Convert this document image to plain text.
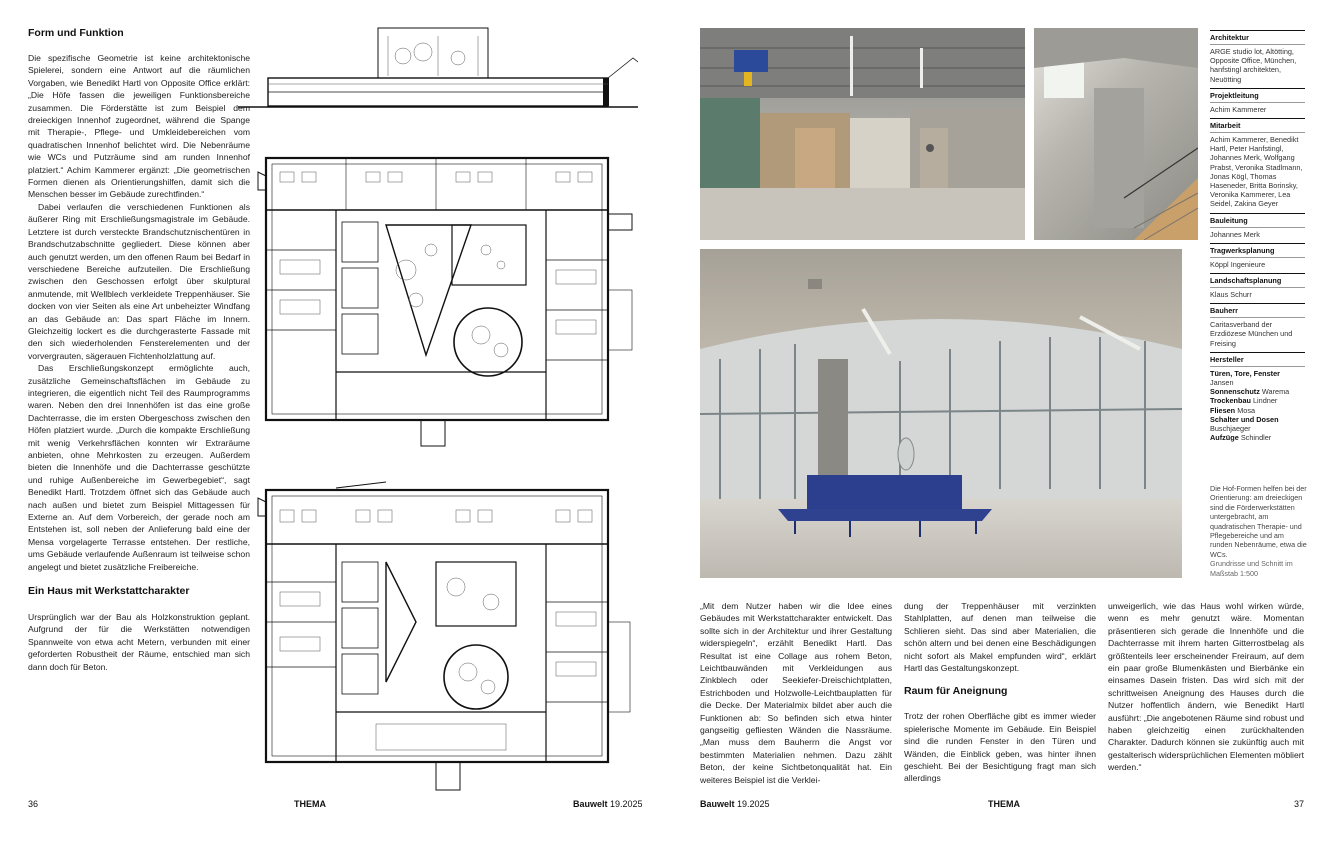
Form und Funktion

Die spezifische Geometrie ist keine architektonische Spielerei, sondern eine Antwort auf die räumlichen Vorgaben, wie Benedikt Hartl von Opposite Office erklärt: „Die Höfe fassen die jeweiligen Funktionsbereiche zusammen. Die Förderstätte ist zum Beispiel dem dreieckigen Innenhof zugeordnet, während die Spange mit Therapie-, Pflege- und Umkleidebereichen vom quadratischen Innenhof belichtet wird. Die Nebenräume wie WCs und Putzräume sind am runden Innenhof platziert.“ Achim Kammerer ergänzt: „Die geometrischen Formen dienen als Orientierungshilfen, damit sich die Menschen besser im Gebäude zurechtfinden.“

Dabei verlaufen die verschiedenen Funktionen als äußerer Ring mit Erschließungsmagistrale im Gebäude. Letztere ist durch versteckte Brandschutznischentüren in Brandschutzabschnitte gegliedert. Diese können aber auch genutzt werden, um den offenen Raum bei Bedarf in verschiedene Bereiche aufzuteilen. Die Erschließung zwischen den Geschossen erfolgt über skulptural anmutende, mit Wellblech verkleidete Treppenhäuser. Sie docken von vier Seiten als eine Art unbeheizter Windfang an das Gebäude an: Das spart Fläche im Innern. Gleichzeitig lockert es die durchgerasterte Fassade mit den sich wiederholenden Fensterelementen und der vorvergrauten, sägerauen Fichtenholzlattung auf.

Das Erschließungskonzept ermöglichte auch, zusätzliche Gemeinschaftsflächen im Gebäude zu integrieren, die eigentlich nicht Teil des Raumprogramms waren. Neben den drei Innenhöfen ist das eine große Dachterrasse, die im ersten Obergeschoss zwischen den Höfen platziert wurde. „Durch die kompakte Erschließung mit wenig Verkehrsflächen konnten wir Extraräume anbieten, ohne Mehrkosten zu erzeugen. Außerdem bieten die Innenhöfe und die Dachterrasse geschützte und ruhige Außenbereiche im Gewerbegebiet“, sagt Benedikt Hartl. Trotzdem öffnet sich das Gebäude auch nach außen und bietet zum Beispiel Mittagessen für Externe an. Auf dem Vorbereich, der gerade noch am Entstehen ist, soll neben der Anlieferung bald eine der Mensa vorgelagerte Terrasse entstehen. Der restliche, ums Gebäude verlaufende Außenraum ist teilweise schon angelegt und bietet zusätzliche Freibereiche.

Ein Haus mit Werkstattcharakter

Ursprünglich war der Bau als Holzkonstruktion geplant. Aufgrund der für die Werkstätten notwendigen Spannweite von etwa acht Metern, verbunden mit einer geforderten Robustheit der Räume, entschied man sich dann doch für Beton.

36	THEMA	Bauwelt 19.2025
Architektur
ARGE studio lot, Altötting, Opposite Office, München, hanfstingl architekten, Neuötting
Projektleitung
Achim Kammerer
Mitarbeit
Achim Kammerer, Benedikt Hartl, Peter Hanfstingl, Johannes Merk, Wolfgang Prabst, Veronika Stadlmann, Jonas Kögl, Thomas Haseneder, Britta Borinsky, Veronika Kammerer, Lea Seidel, Zakina Geyer
Bauleitung
Johannes Merk
Tragwerksplanung
Köppl Ingenieure
Landschaftsplanung
Klaus Schurr
Bauherr
Caritasverband der Erzdiözese München und Freising
Hersteller
Türen, Tore, Fenster Jansen
Sonnenschutz Warema
Trockenbau Lindner
Fliesen Mosa
Schalter und Dosen Buschjaeger
Aufzüge Schindler
Die Hof-Formen helfen bei der Orientierung: am dreieckigen sind die Förderwerkstätten untergebracht, am quadratischen Therapie- und Pflegebereiche und am runden Nebenräume, etwa die WCs.
Grundrisse und Schnitt im Maßstab 1:500

„Mit dem Nutzer haben wir die Idee eines Gebäudes mit Werkstattcharakter entwickelt. Das sollte sich in der Architektur und ihrer Gestaltung widerspiegeln“, erzählt Benedikt Hartl. Das Resultat ist eine Collage aus rohem Beton, Leichtbauwänden mit Verkleidungen aus Zinkblech oder Seekiefer-Dreischichtplatten, Estrichboden und Holzwolle-Leichtbauplatten für die Decke. Der Materialmix bildet aber auch die Funktionen ab: So befinden sich etwa hinter gangseitig gefliesten Wänden die Nassräume. „Man muss dem Bauherrn die Angst vor bestimmten Materialien nehmen. Dazu zählt Beton, der keine Sichtbetonqualität hat. Ein weiteres Beispiel ist die Verklei-

dung der Treppenhäuser mit verzinkten Stahlplatten, auf denen man teilweise die Schlieren sieht. Das sind aber Materialien, die schön altern und bei denen eine Beschädigungen nicht sofort als Makel empfunden wird“, erklärt Hartl das Gestaltungskonzept.

Raum für Aneignung

Trotz der rohen Oberfläche gibt es immer wieder spielerische Momente im Gebäude. Ein Beispiel sind die runden Fenster in den Türen und Wänden, die Einblick geben, was hinter ihnen geschieht. Bei der Besichtigung fragt man sich allerdings

unweigerlich, wie das Haus wohl wirken würde, wenn es mehr genutzt wäre. Momentan präsentieren sich gerade die Innenhöfe und die Dachterrasse mit ihrem harten Gitterrostbelag als größtenteils leer erscheinender Freiraum, auf dem ein paar große Blumenkästen und Bierbänke ein einsames Dasein fristen. Das wird sich mit der schrittweisen Aneignung des Hauses durch die Nutzer hoffentlich ändern, wie Benedikt Hartl ausführt: „Die angebotenen Räume sind robust und haben gleichzeitig einen zurückhaltenden Charakter. Dadurch können sie zukünftig auch mit gestalterisch widersprüchlichen Elementen möbliert werden.“

Bauwelt 19.2025	THEMA	37
